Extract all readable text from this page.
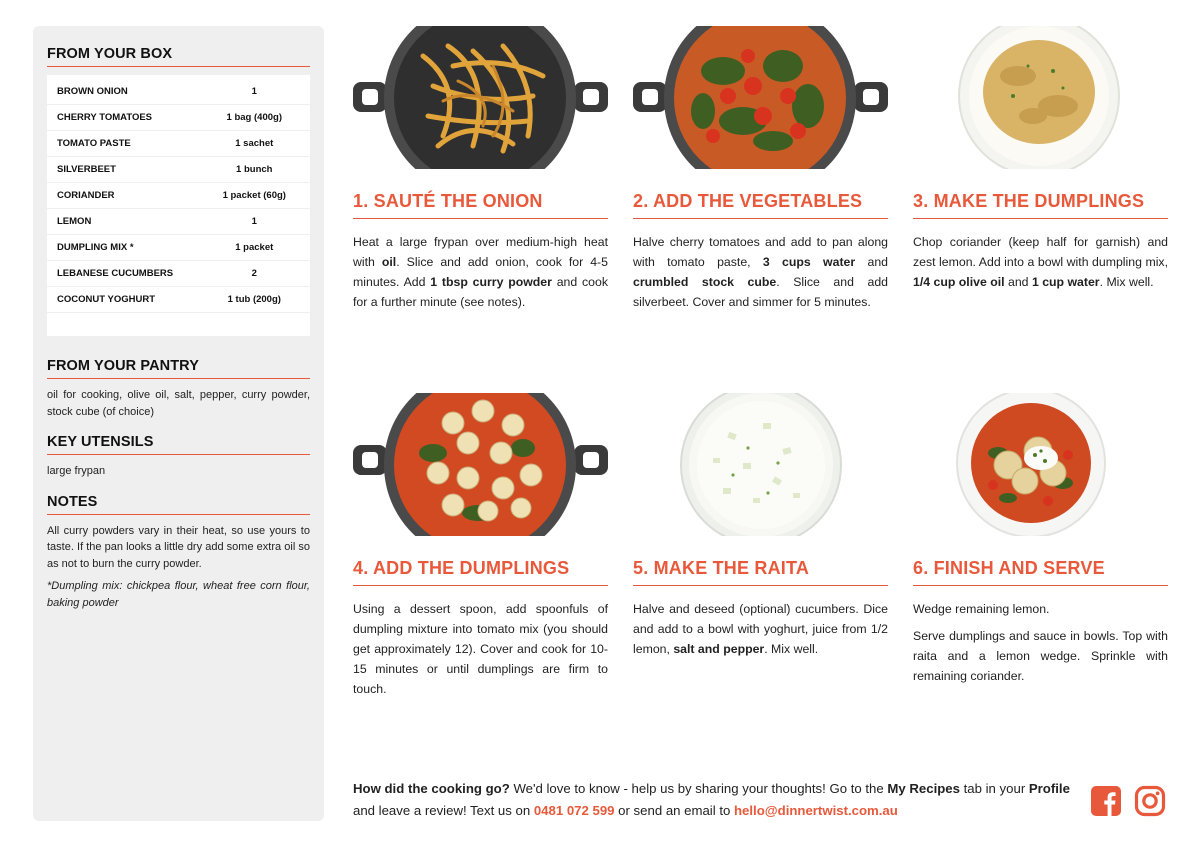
FROM YOUR BOX
BROWN ONION	1
CHERRY TOMATOES	1 bag (400g)
TOMATO PASTE	1 sachet
SILVERBEET	1 bunch
CORIANDER	1 packet (60g)
LEMON	1
DUMPLING MIX *	1 packet
LEBANESE CUCUMBERS	2
COCONUT YOGHURT	1 tub (200g)
FROM YOUR PANTRY
oil for cooking, olive oil, salt, pepper, curry powder, stock cube (of choice)
KEY UTENSILS
large frypan
NOTES
All curry powders vary in their heat, so use yours to taste. If the pan looks a little dry add some extra oil so as not to burn the curry powder.
*Dumpling mix: chickpea flour, wheat free corn flour, baking powder
1. SAUTÉ THE ONION

Heat a large frypan over medium-high heat with oil. Slice and add onion, cook for 4-5 minutes. Add 1 tbsp curry powder and cook for a further minute (see notes).

2. ADD THE VEGETABLES

Halve cherry tomatoes and add to pan along with tomato paste, 3 cups water and crumbled stock cube. Slice and add silverbeet. Cover and simmer for 5 minutes.

3. MAKE THE DUMPLINGS

Chop coriander (keep half for garnish) and zest lemon. Add into a bowl with dumpling mix, 1/4 cup olive oil and 1 cup water. Mix well.

4. ADD THE DUMPLINGS

Using a dessert spoon, add spoonfuls of dumpling mixture into tomato mix (you should get approximately 12). Cover and cook for 10-15 minutes or until dumplings are firm to touch.

5. MAKE THE RAITA

Halve and deseed (optional) cucumbers. Dice and add to a bowl with yoghurt, juice from 1/2 lemon, salt and pepper. Mix well.

6. FINISH AND SERVE

Wedge remaining lemon.

Serve dumplings and sauce in bowls. Top with raita and a lemon wedge. Sprinkle with remaining coriander.

How did the cooking go? We'd love to know - help us by sharing your thoughts! Go to the My Recipes tab in your Profile and leave a review! Text us on 0481 072 599 or send an email to hello@dinnertwist.com.au
